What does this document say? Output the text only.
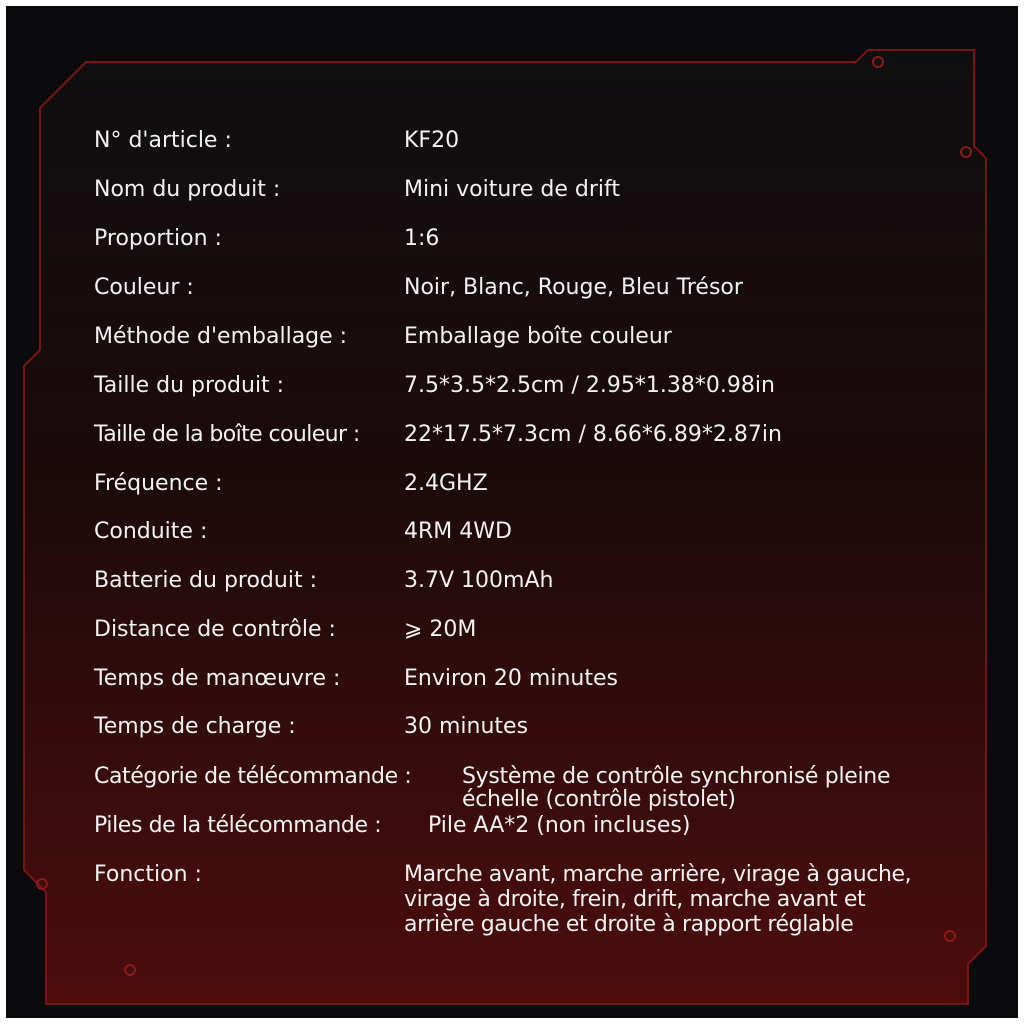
N° d'article :	KF20
Nom du produit :	Mini voiture de drift
Proportion :	1:6
Couleur :	Noir, Blanc, Rouge, Bleu Trésor
Méthode d'emballage :	Emballage boîte couleur
Taille du produit :	7.5*3.5*2.5cm / 2.95*1.38*0.98in
Taille de la boîte couleur : 22*17.5*7.3cm / 8.66*6.89*2.87in
Fréquence :	2.4GHZ
Conduite :	4RM 4WD
Batterie du produit :	3.7V 100mAh
Distance de contrôle :	⩾ 20M
Temps de manœuvre :	Environ 20 minutes
Temps de charge :	30 minutes
Catégorie de télécommande : Système de contrôle synchronisé pleine
échelle (contrôle pistolet)
Piles de la télécommande : Pile AA*2 (non incluses)
Fonction :	Marche avant, marche arrière, virage à gauche,
virage à droite, frein, drift, marche avant et
arrière gauche et droite à rapport réglable
